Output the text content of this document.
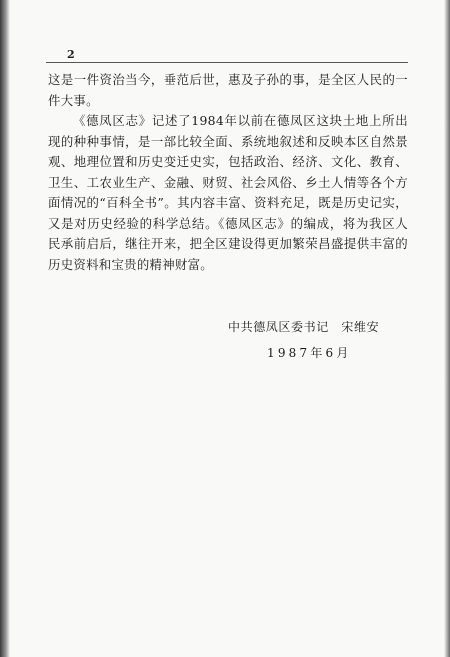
2

这是一件资治当今，垂范后世，惠及子孙的事，是全区人民的一件大事。

《德凤区志》记述了1984年以前在德凤区这块土地上所出现的种种事情，是一部比较全面、系统地叙述和反映本区自然景观、地理位置和历史变迁史实，包括政治、经济、文化、教育、卫生、工农业生产、金融、财贸、社会风俗、乡土人情等各个方面情况的“百科全书”。其内容丰富、资料充足，既是历史记实，又是对历史经验的科学总结。《德凤区志》的编成，将为我区人民承前启后，继往开来，把全区建设得更加繁荣昌盛提供丰富的历史资料和宝贵的精神财富。

中共德凤区委书记　宋维安
1987年6月
